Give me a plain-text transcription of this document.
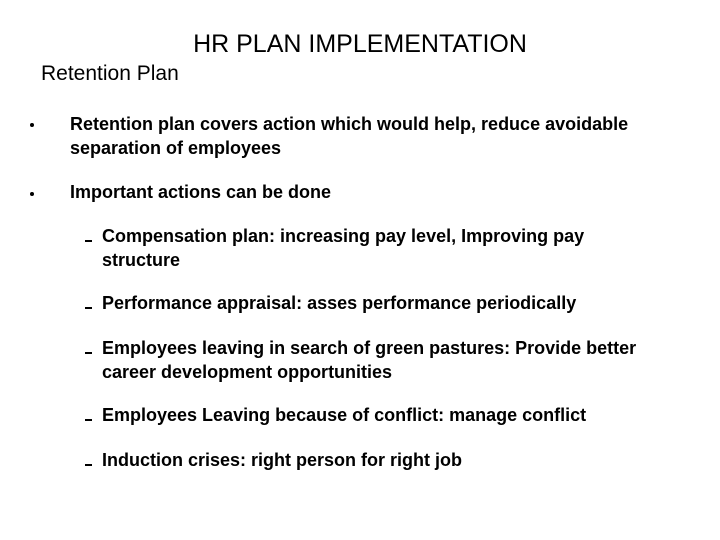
HR PLAN IMPLEMENTATION
Retention Plan
Retention plan covers action which would help, reduce avoidable separation of employees
Important actions can be done
Compensation plan: increasing pay level, Improving pay structure
Performance appraisal: asses performance periodically
Employees leaving in search of green pastures: Provide better career development opportunities
Employees Leaving because of conflict: manage conflict
Induction crises: right person for right job
